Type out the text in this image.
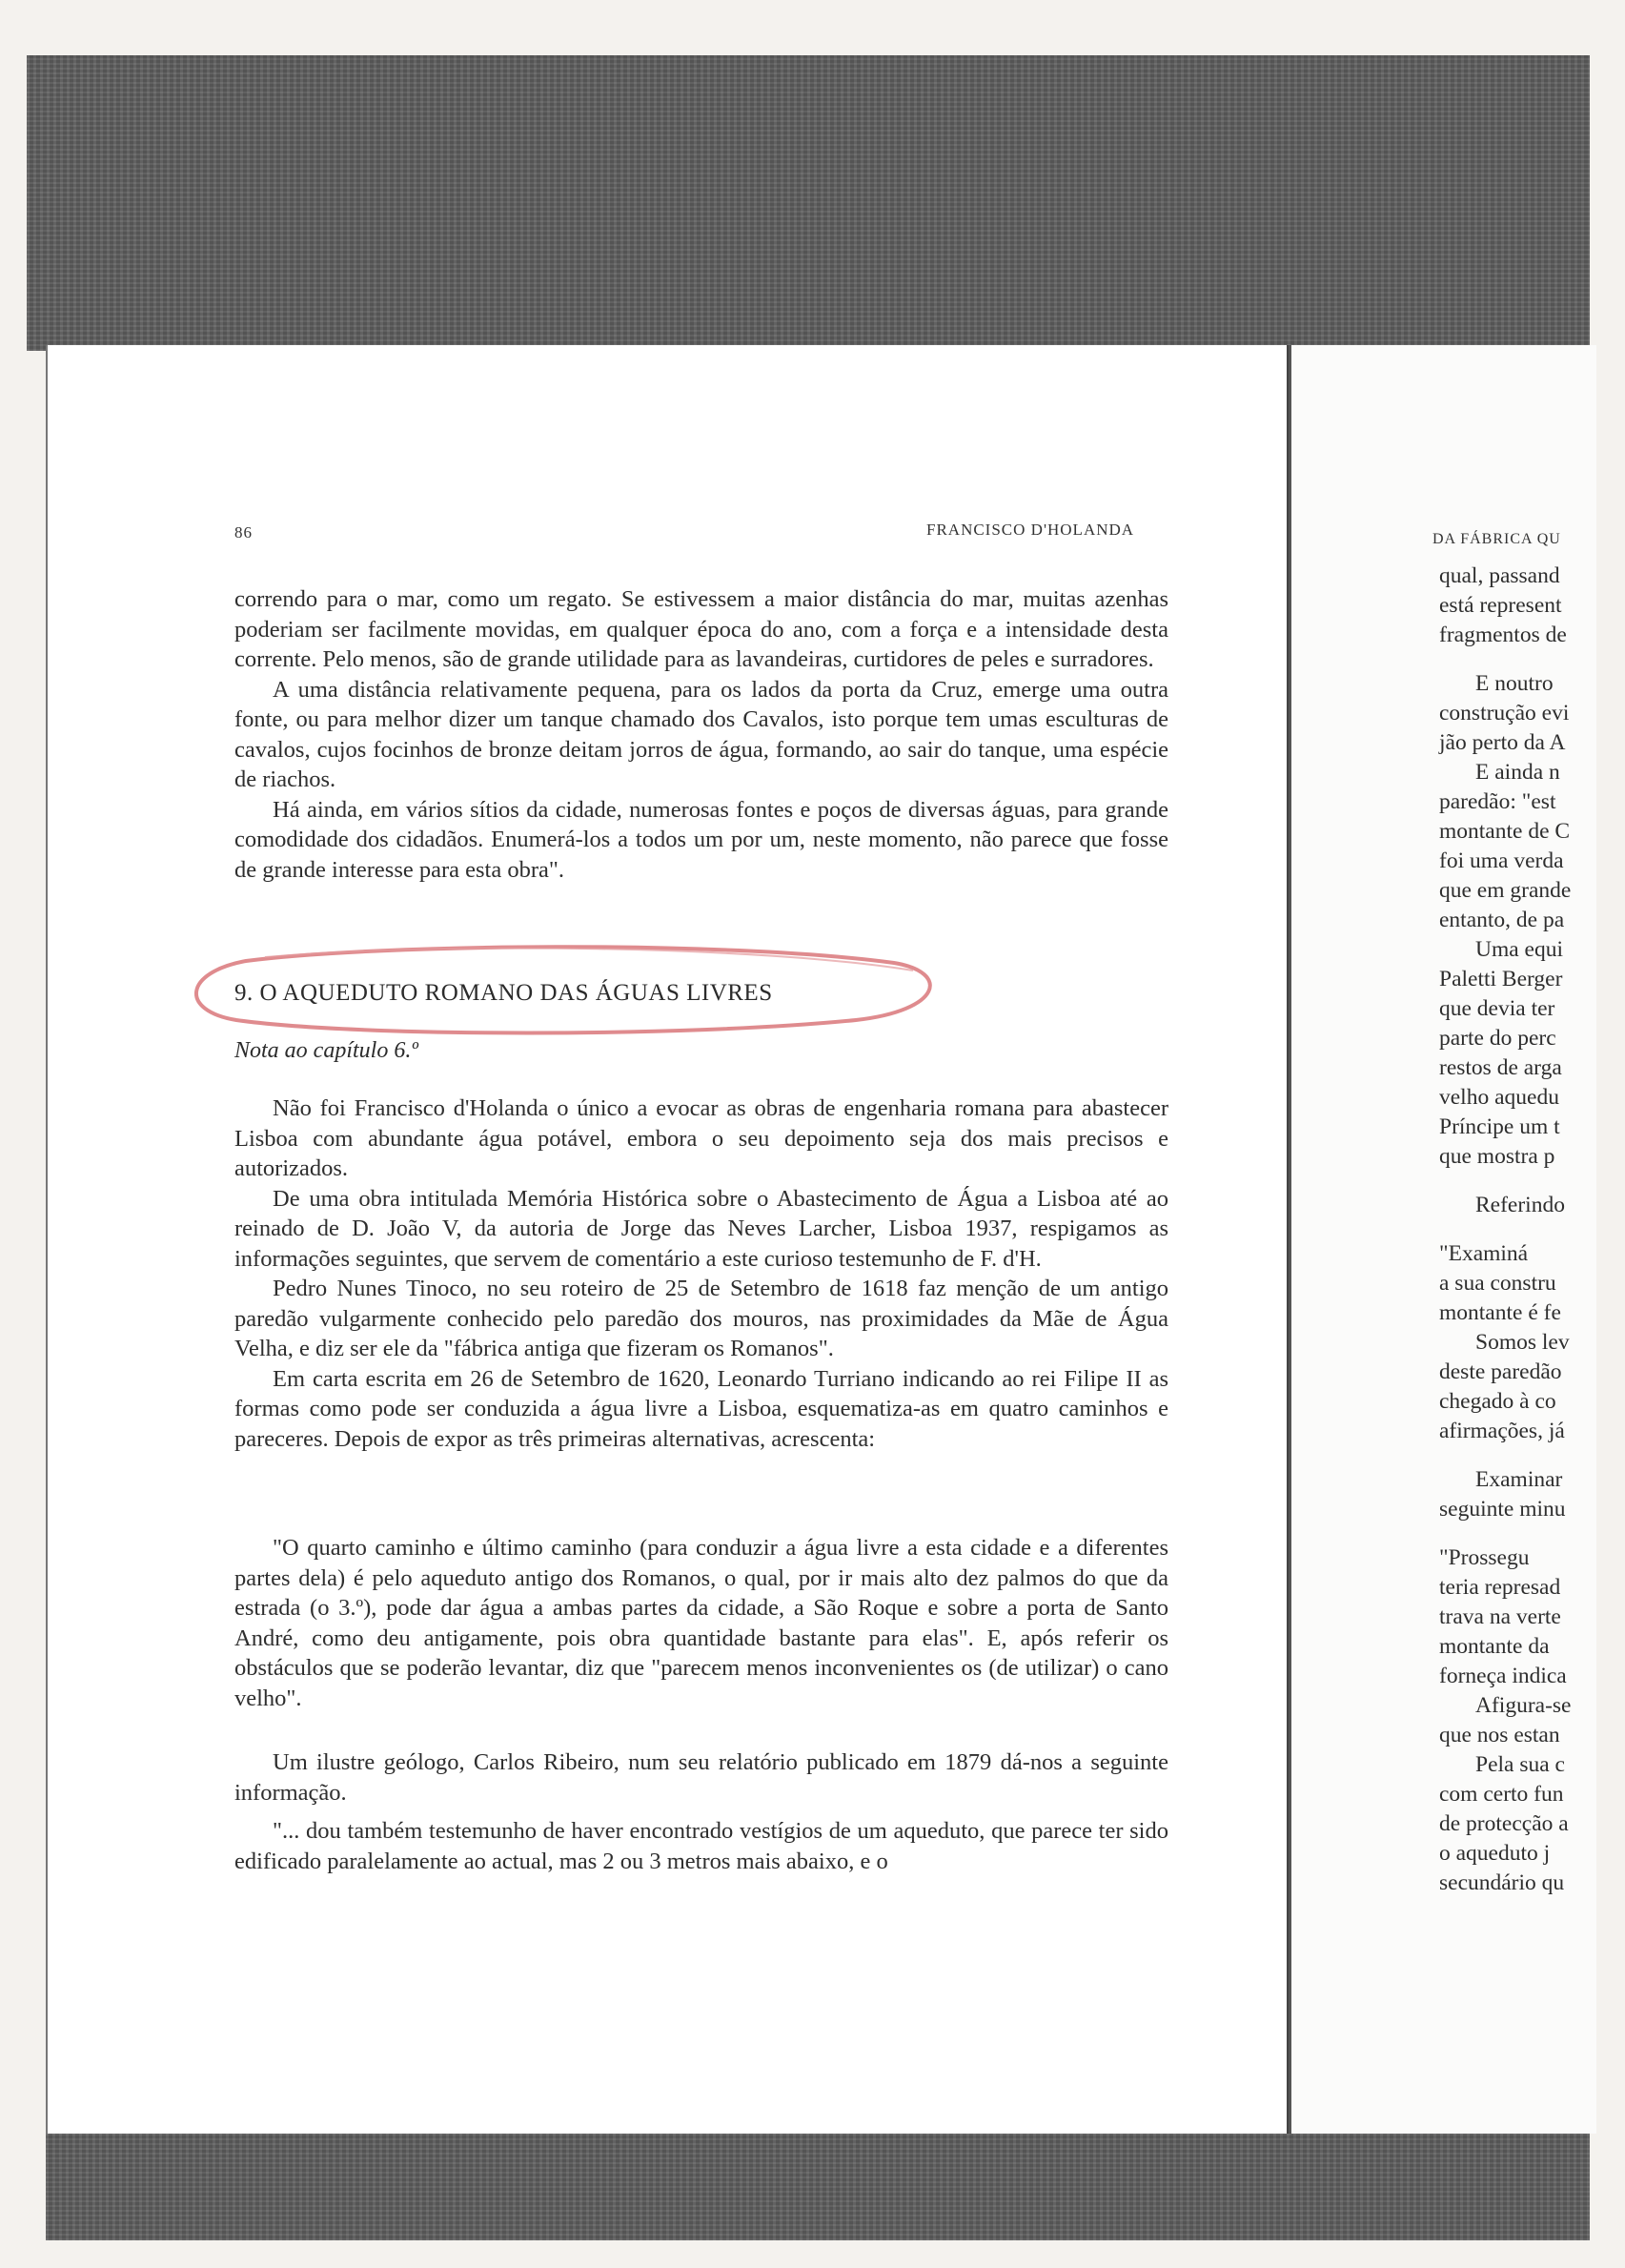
DA FÁBRICA QU
qual, passand
está represent
fragmentos de
E noutro
construção evi
jão perto da A
E ainda n
paredão: "est
montante de C
foi uma verda
que em grande
entanto, de pa
Uma equi
Paletti Berger
que devia ter
parte do perc
restos de arga
velho aquedu
Príncipe um t
que mostra p
Referindo
"Examiná
a sua constru
montante é fe
Somos lev
deste paredão
chegado à co
afirmações, já
Examinar
seguinte minu
"Prossegu
teria represad
trava na verte
montante da
forneça indica
Afigura-se
que nos estan
Pela sua c
com certo fun
de protecção a
o aqueduto j
secundário qu
86	FRANCISCO D'HOLANDA

correndo para o mar, como um regato. Se estivessem a maior distância do mar, muitas azenhas poderiam ser facilmente movidas, em qualquer época do ano, com a força e a intensidade desta corrente. Pelo menos, são de grande utilidade para as lavandeiras, curtidores de peles e surradores.

A uma distância relativamente pequena, para os lados da porta da Cruz, emerge uma outra fonte, ou para melhor dizer um tanque chamado dos Cavalos, isto porque tem umas esculturas de cavalos, cujos focinhos de bronze deitam jorros de água, formando, ao sair do tanque, uma espécie de riachos.

Há ainda, em vários sítios da cidade, numerosas fontes e poços de diversas águas, para grande comodidade dos cidadãos. Enumerá-los a todos um por um, neste momento, não parece que fosse de grande interesse para esta obra".

9. O AQUEDUTO ROMANO DAS ÁGUAS LIVRES
Nota ao capítulo 6.º

Não foi Francisco d'Holanda o único a evocar as obras de engenharia romana para abastecer Lisboa com abundante água potável, embora o seu depoimento seja dos mais precisos e autorizados.

De uma obra intitulada Memória Histórica sobre o Abastecimento de Água a Lisboa até ao reinado de D. João V, da autoria de Jorge das Neves Larcher, Lisboa 1937, respigamos as informações seguintes, que servem de comentário a este curioso testemunho de F. d'H.

Pedro Nunes Tinoco, no seu roteiro de 25 de Setembro de 1618 faz menção de um antigo paredão vulgarmente conhecido pelo paredão dos mouros, nas proximidades da Mãe de Água Velha, e diz ser ele da "fábrica antiga que fizeram os Romanos".

Em carta escrita em 26 de Setembro de 1620, Leonardo Turriano indicando ao rei Filipe II as formas como pode ser conduzida a água livre a Lisboa, esquematiza-as em quatro caminhos e pareceres. Depois de expor as três primeiras alternativas, acrescenta:

"O quarto caminho e último caminho (para conduzir a água livre a esta cidade e a diferentes partes dela) é pelo aqueduto antigo dos Romanos, o qual, por ir mais alto dez palmos do que da estrada (o 3.º), pode dar água a ambas partes da cidade, a São Roque e sobre a porta de Santo André, como deu antigamente, pois obra quantidade bastante para elas". E, após referir os obstáculos que se poderão levantar, diz que "parecem menos inconvenientes os (de utilizar) o cano velho".

Um ilustre geólogo, Carlos Ribeiro, num seu relatório publicado em 1879 dá-nos a seguinte informação.

"... dou também testemunho de haver encontrado vestígios de um aqueduto, que parece ter sido edificado paralelamente ao actual, mas 2 ou 3 metros mais abaixo, e o
